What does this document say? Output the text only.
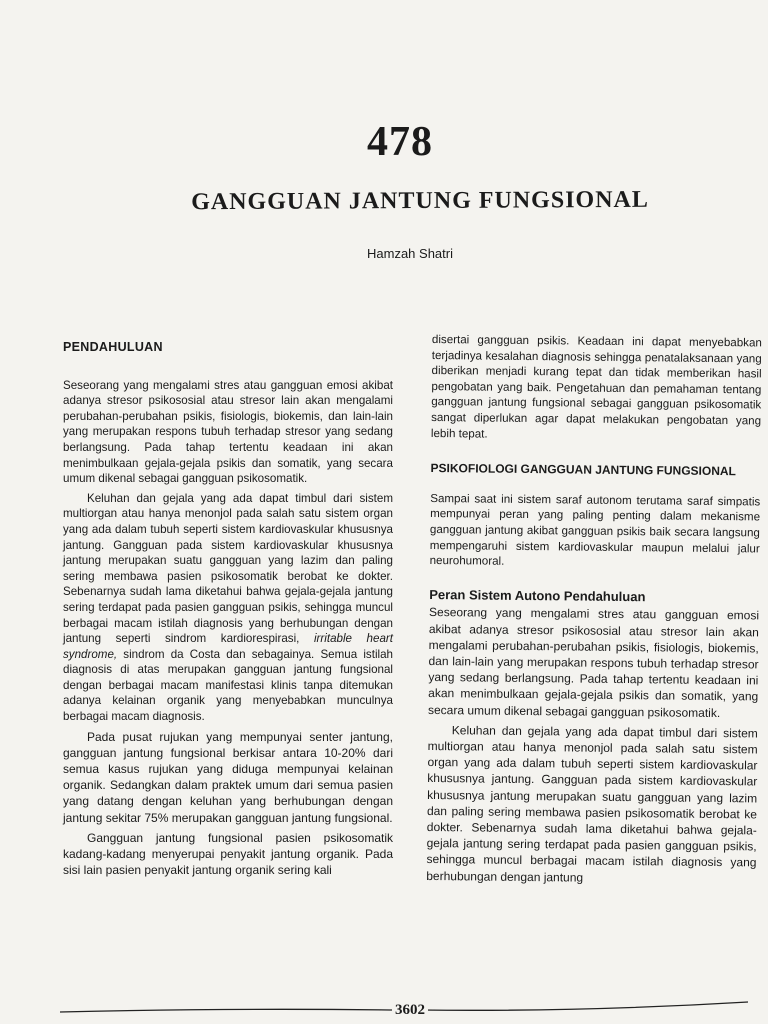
478
GANGGUAN JANTUNG FUNGSIONAL
Hamzah Shatri
PENDAHULUAN

Seseorang yang mengalami stres atau gangguan emosi akibat adanya stresor psikososial atau stresor lain akan mengalami perubahan-perubahan psikis, fisiologis, biokemis, dan lain-lain yang merupakan respons tubuh terhadap stresor yang sedang berlangsung. Pada tahap tertentu keadaan ini akan menimbulkaan gejala-gejala psikis dan somatik, yang secara umum dikenal sebagai gangguan psikosomatik.

Keluhan dan gejala yang ada dapat timbul dari sistem multiorgan atau hanya menonjol pada salah satu sistem organ yang ada dalam tubuh seperti sistem kardiovaskular khususnya jantung. Gangguan pada sistem kardiovaskular khususnya jantung merupakan suatu gangguan yang lazim dan paling sering membawa pasien psikosomatik berobat ke dokter. Sebenarnya sudah lama diketahui bahwa gejala-gejala jantung sering terdapat pada pasien gangguan psikis, sehingga muncul berbagai macam istilah diagnosis yang berhubungan dengan jantung seperti sindrom kardiorespirasi, irritable heart syndrome, sindrom da Costa dan sebagainya. Semua istilah diagnosis di atas merupakan gangguan jantung fungsional dengan berbagai macam manifestasi klinis tanpa ditemukan adanya kelainan organik yang menyebabkan munculnya berbagai macam diagnosis.

Pada pusat rujukan yang mempunyai senter jantung, gangguan jantung fungsional berkisar antara 10-20% dari semua kasus rujukan yang diduga mempunyai kelainan organik. Sedangkan dalam praktek umum dari semua pasien yang datang dengan keluhan yang berhubungan dengan jantung sekitar 75% merupakan gangguan jantung fungsional.

Gangguan jantung fungsional pasien psikosomatik kadang-kadang menyerupai penyakit jantung organik. Pada sisi lain pasien penyakit jantung organik sering kali

disertai gangguan psikis. Keadaan ini dapat menyebabkan terjadinya kesalahan diagnosis sehingga penatalaksanaan yang diberikan menjadi kurang tepat dan tidak memberikan hasil pengobatan yang baik. Pengetahuan dan pemahaman tentang gangguan jantung fungsional sebagai gangguan psikosomatik sangat diperlukan agar dapat melakukan pengobatan yang lebih tepat.

PSIKOFIOLOGI GANGGUAN JANTUNG FUNGSIONAL

Sampai saat ini sistem saraf autonom terutama saraf simpatis mempunyai peran yang paling penting dalam mekanisme gangguan jantung akibat gangguan psikis baik secara langsung mempengaruhi sistem kardiovaskular maupun melalui jalur neurohumoral.

Peran Sistem Autono Pendahuluan

Seseorang yang mengalami stres atau gangguan emosi akibat adanya stresor psikososial atau stresor lain akan mengalami perubahan-perubahan psikis, fisiologis, biokemis, dan lain-lain yang merupakan respons tubuh terhadap stresor yang sedang berlangsung. Pada tahap tertentu keadaan ini akan menimbulkaan gejala-gejala psikis dan somatik, yang secara umum dikenal sebagai gangguan psikosomatik.

Keluhan dan gejala yang ada dapat timbul dari sistem multiorgan atau hanya menonjol pada salah satu sistem organ yang ada dalam tubuh seperti sistem kardiovaskular khususnya jantung. Gangguan pada sistem kardiovaskular khususnya jantung merupakan suatu gangguan yang lazim dan paling sering membawa pasien psikosomatik berobat ke dokter. Sebenarnya sudah lama diketahui bahwa gejala-gejala jantung sering terdapat pada pasien gangguan psikis, sehingga muncul berbagai macam istilah diagnosis yang berhubungan dengan jantung

3602
